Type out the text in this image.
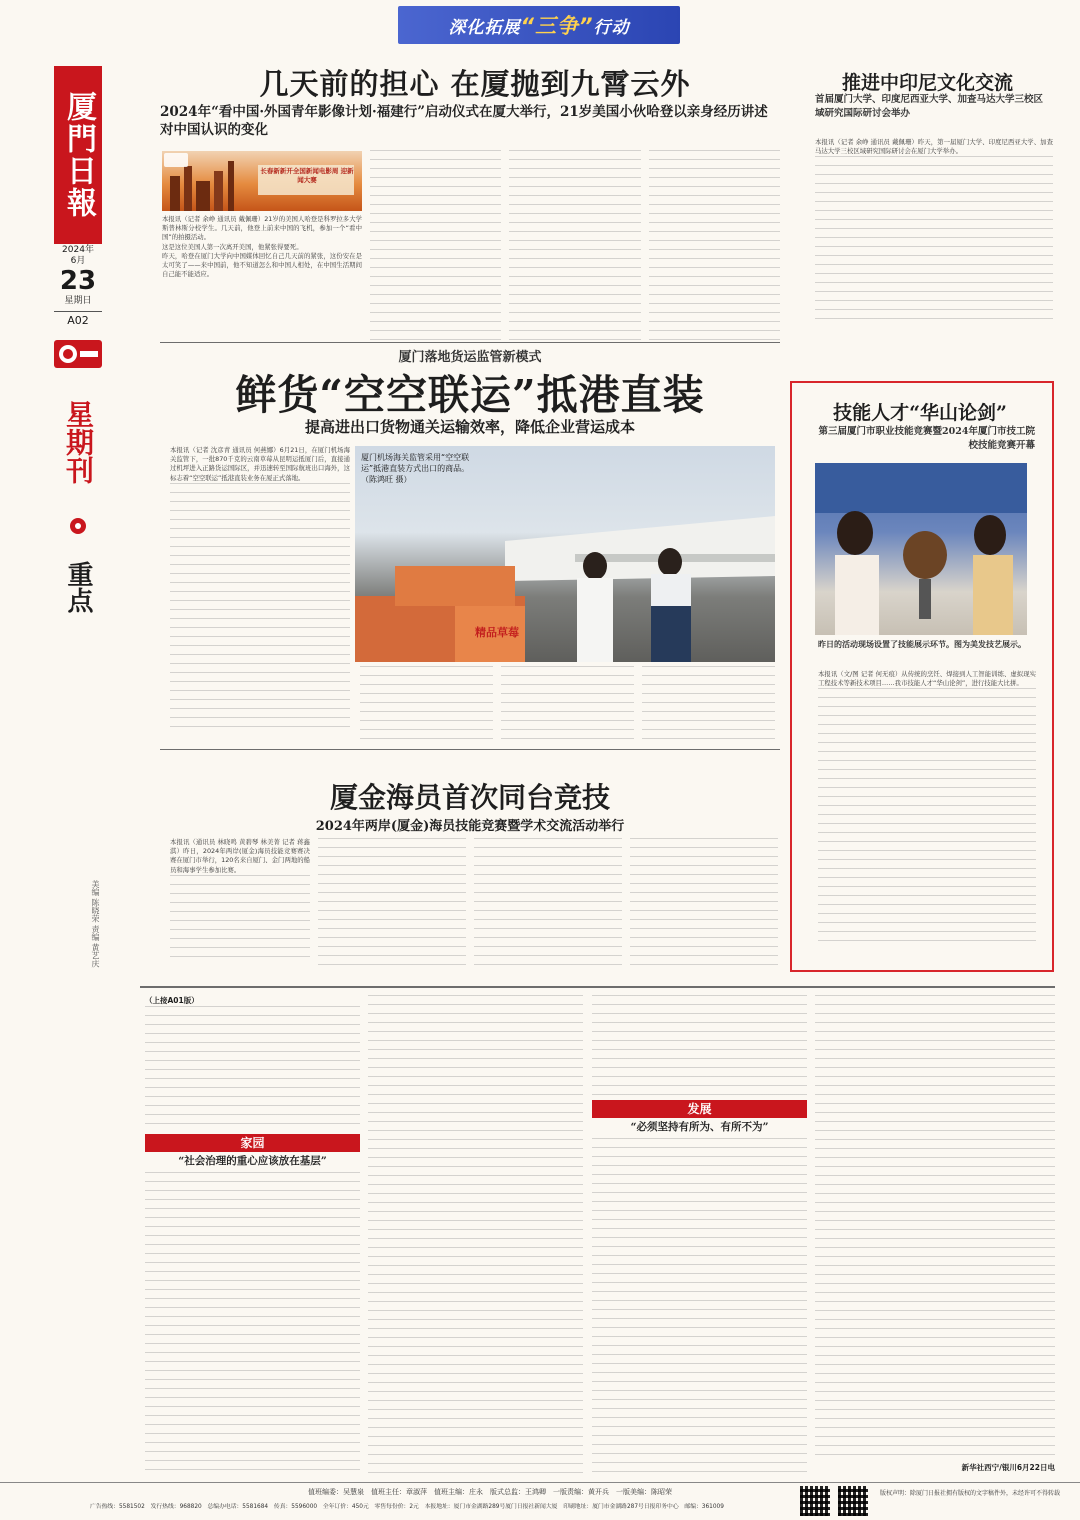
深化拓展 “三争” 行动
厦門日報
2024年
6月
23
星期日
A02
星期刊
重点
美编 陈晓荣 责编 黄艺庆
几天前的担心 在厦抛到九霄云外
2024年“看中国·外国青年影像计划·福建行”启动仪式在厦大举行，21岁美国小伙哈登以亲身经历讲述对中国认识的变化
长春新新开全国新闻电影周 迎新闻大赛
本报讯（记者 余峥 通讯员 戴佩珊）21岁的美国人哈登是科罗拉多大学斯普林斯分校学生。几天前，他登上前来中国的飞机，参加一个“看中国”的拍摄活动。
这是这位美国人第一次离开美国，他紧张得要死。
昨天，哈登在厦门大学向中国媒体回忆自己几天前的紧张，这份安在是太可笑了——来中国前，他不知道怎么和中国人相处，在中国生活期间自己能不能适应。
推进中印尼文化交流
首届厦门大学、印度尼西亚大学、加查马达大学三校区域研究国际研讨会举办
本报讯（记者 余峥 通讯员 戴佩珊）昨天，第一届厦门大学、印度尼西亚大学、加查马达大学三校区域研究国际研讨会在厦门大学举办。
厦门落地货运监管新模式
鲜货“空空联运”抵港直装
提高进出口货物通关运输效率，降低企业营运成本
本报讯（记者 沈彦青 通讯员 何燕娜）6月21日，在厦门机场海关监管下，一批870千克的云南草莓从昆明运抵厦门后，直接通过机坪进入正路货运国际区，并迅速转至国际航班出口海外，这标志着“空空联运”抵港直装业务在厦正式落地。
精品草莓
厦门机场海关监管采用“空空联运”抵港直装方式出口的商品。（陈鸿旺 摄）
技能人才“华山论剑”
第三届厦门市职业技能竞赛暨2024年厦门市技工院校技能竞赛开幕
昨日的活动现场设置了技能展示环节。图为美发技艺展示。
本报讯（文/图 记者 何无痕）从传统的烹饪、焊接到人工智能训练、虚拟现实工程技术等新技术项目……我市技能人才“华山论剑”，进行技能大比拼。
厦金海员首次同台竞技
2024年两岸(厦金)海员技能竞赛暨学术交流活动举行
本报讯（通讯员 林晓鸣 黄碧琴 林美菁 记者 蒋鑫淇）昨日，2024年两岸(厦金)海员技能竞赛赛决赛在厦门市举行，120名来自厦门、金门两地的船员和海事学生参加比赛。
（上接A01版）
家园
“社会治理的重心应该放在基层”
发展
“必须坚持有所为、有所不为”
新华社西宁/银川6月22日电
值班编委：吴慧泉　值班主任：章淑萍　值班主编：庄永　版式总监：王鸿卿　一版责编：黄开兵　一版美编：陈昭荣
广告热线：5581502　发行热线：968820　总编办电话：5581684　传真：5596000　全年订价：450元　零售每份价：2元　本报地址：厦门市金湖路289号厦门日报社新闻大厦　印刷地址：厦门市金湖路287号日报印务中心　邮编：361009
版权声明：除厦门日报社拥有版权的文字稿件外，未经许可不得转载
